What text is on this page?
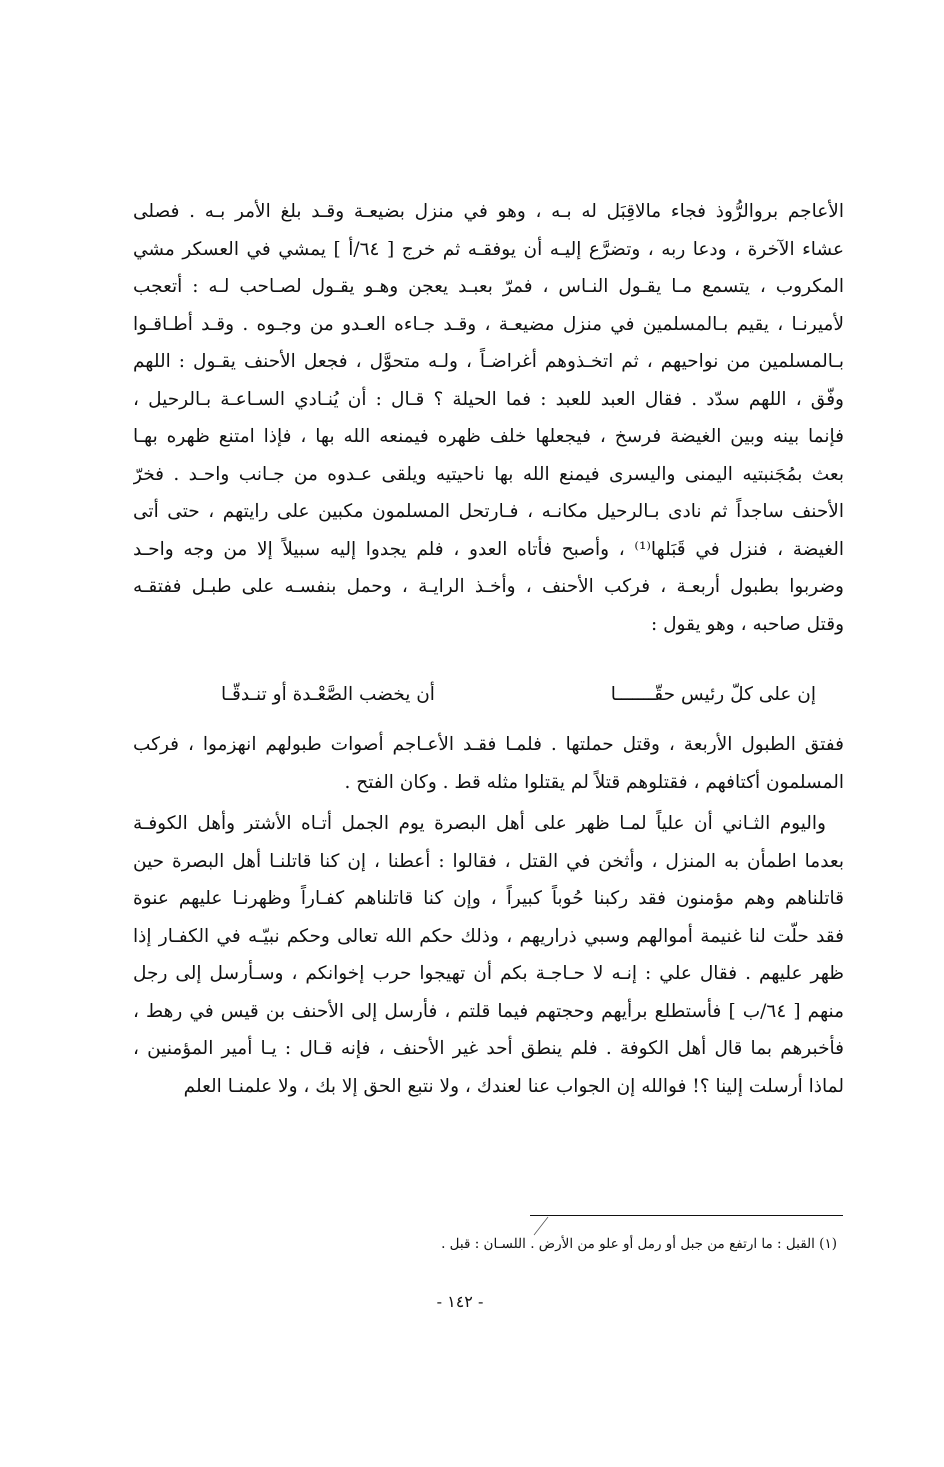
الأعاجم بروالرُّوذ فجاء مالاقِبَل له بـه ، وهو في منزل بضيعـة وقـد بلغ الأمر بـه . فصلى
عشاء الآخرة ، ودعا ربه ، وتضرَّع إليـه أن يوفقـه ثم خرج [ ٦٤/أ ] يمشي في العسكر مشي
المكروب ، يتسمع مـا يقـول النـاس ، فمرّ بعبـد يعجن وهـو يقـول لصـاحب لـه : أتعجب
لأميرنـا ، يقيم بـالمسلمين في منزل مضيعـة ، وقـد جـاءه العـدو من وجـوه . وقـد أطـاقـوا
بـالمسلمين من نواحيهم ، ثم اتخـذوهم أغراضـاً ، ولـه متحوَّل ، فجعل الأحنف يقـول : اللهم
وفّق ، اللهم سدّد . فقال العبد للعبد : فما الحيلة ؟ قـال : أن يُنـادي السـاعـة بـالرحيل ،
فإنما بينه وبين الغيضة فرسخ ، فيجعلها خلف ظهره فيمنعه الله بها ، فإذا امتنع ظهره بهـا
بعث بمُجَنبتيه اليمنى واليسرى فيمنع الله بها ناحيتيه ويلقى عـدوه من جـانب واحـد . فخرّ
الأحنف ساجداً ثم نادى بـالرحيل مكانـه ، فـارتحل المسلمون مكبين على رايتهم ، حتى أتى
الغيضة ، فنزل في قَبَلها⁽¹⁾ ، وأصبح فأتاه العدو ، فلم يجدوا إليه سبيلاً إلا من وجه واحـد
وضربوا بطبول أربعـة ، فركب الأحنف ، وأخـذ الرايـة ، وحمل بنفسـه على طبـل ففتقـه
وقتل صاحبه ، وهو يقول :
إن على كلّ رئيس حقّـــــــا
أن يخضب الصَّعْـدة أو تنـدقّـا
ففتق الطبول الأربعة ، وقتل حملتها . فلمـا فقـد الأعـاجم أصوات طبولهم انهزموا ، فركب
المسلمون أكتافهم ، فقتلوهم قتلاً لم يقتلوا مثله قط . وكان الفتح .
واليوم الثـاني أن علياً لمـا ظهر على أهل البصرة يوم الجمل أتـاه الأشتر وأهل الكوفـة
بعدما اطمأن به المنزل ، وأثخن في القتل ، فقالوا : أعطنا ، إن كنا قاتلنـا أهل البصرة حين
قاتلناهم وهم مؤمنون فقد ركبنا حُوباً كبيراً ، وإن كنا قاتلناهم كفـاراً وظهرنـا عليهم عنوة
فقد حلّت لنا غنيمة أموالهم وسبي ذراريهم ، وذلك حكم الله تعالى وحكم نبيّـه في الكفـار إذا
ظهر عليهم . فقال علي : إنـه لا حـاجـة بكم أن تهيجوا حرب إخوانكم ، وسـأرسل إلى رجل
منهم [ ٦٤/ب ] فأستطلع برأيهم وحجتهم فيما قلتم ، فأرسل إلى الأحنف بن قيس في رهط ،
فأخبرهم بما قال أهل الكوفة . فلم ينطق أحد غير الأحنف ، فإنه قـال : يـا أمير المؤمنين ،
لماذا أرسلت إلينا ؟! فوالله إن الجواب عنا لعندك ، ولا نتبع الحق إلا بك ، ولا علمنـا العلم
(١) القبل : ما ارتفع من جبل أو رمل أو علو من الأرض . اللسـان : قبل .
- ١٤٢ -
